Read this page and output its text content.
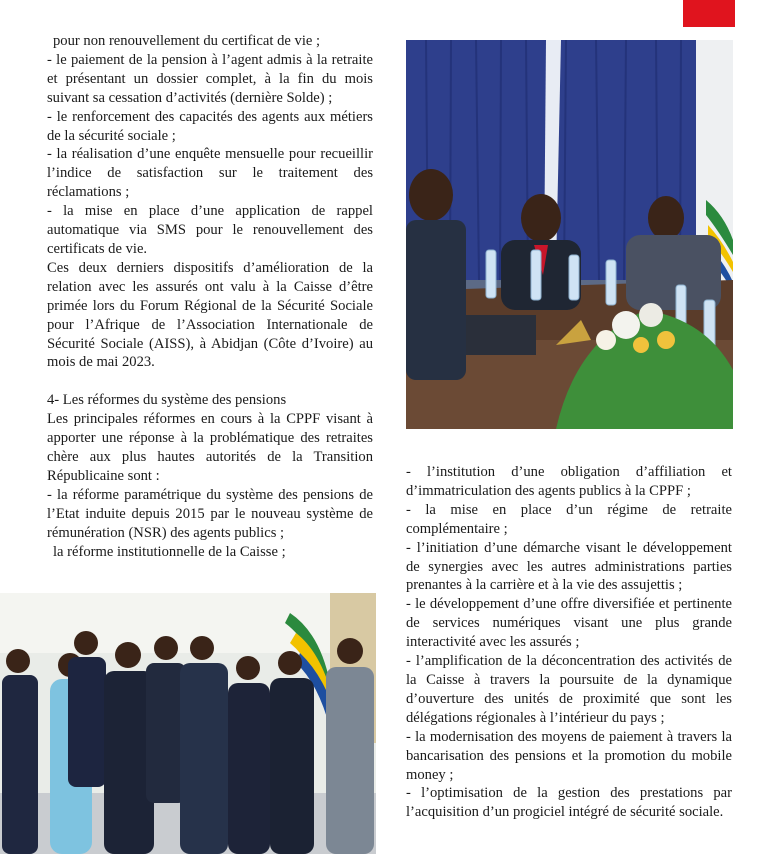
pour non renouvellement du certificat de vie ;

- le paiement de la pension à l’agent admis à la retraite et présentant un dossier complet, à la fin du mois suivant sa cessation d’activités (dernière Solde) ;

- le renforcement des capacités des agents aux métiers de la sécurité sociale ;

- la réalisation d’une enquête mensuelle pour recueillir l’indice de satisfaction sur le traitement des réclamations ;

- la mise en place d’une application de rappel automatique via SMS pour le renouvellement des certificats de vie.

Ces deux derniers dispositifs d’amélioration de la relation avec les assurés ont valu à la Caisse d’être primée lors du Forum Régional de la Sécurité Sociale pour l’Afrique de l’Association Internationale de Sécurité Sociale (AISS), à Abidjan (Côte d’Ivoire) au mois de mai 2023.

4- Les réformes du système des pensions

Les principales réformes en cours à la CPPF visant à apporter une réponse à la problématique des retraites chère aux plus hautes autorités de la Transition Républicaine sont :

- la réforme paramétrique du système des pensions de l’Etat induite depuis 2015 par le nouveau système de rémunération (NSR) des agents publics ;

la réforme institutionnelle de la Caisse ;

- l’institution d’une obligation d’affiliation et d’immatriculation des agents publics à la CPPF ;

- la mise en place d’un régime de retraite complémentaire ;

- l’initiation d’une démarche visant le développement de synergies avec les autres administrations parties prenantes à la carrière et à la vie des assujettis ;

- le développement d’une offre diversifiée et pertinente de services numériques visant une plus grande interactivité avec les assurés ;

- l’amplification de la déconcentration des activités de la Caisse à travers la poursuite de la dynamique d’ouverture des unités de proximité que sont les délégations régionales à l’intérieur du pays ;

- la modernisation des moyens de paiement à travers la bancarisation des pensions et la promotion du mobile money ;

- l’optimisation de la gestion des prestations par l’acquisition d’un progiciel intégré de sécurité sociale.
